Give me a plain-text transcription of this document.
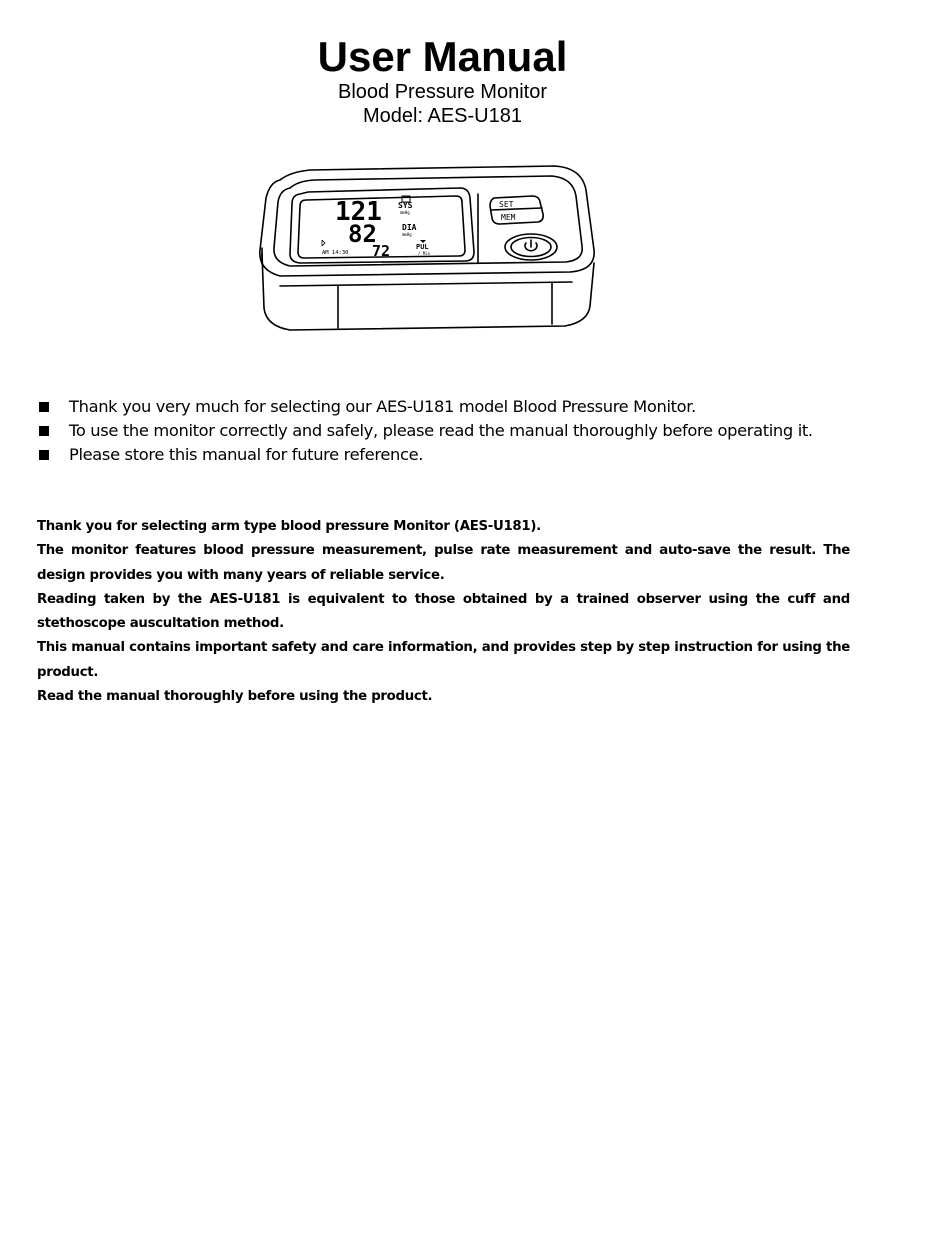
User Manual
Blood Pressure Monitor
Model: AES-U181
121 SYS
mmHg
82	DIA
mmHg
72	PUL
/ Min
AM 14:30
SET
MEM
Thank you very much for selecting our AES-U181 model Blood Pressure Monitor.
To use the monitor correctly and safely, please read the manual thoroughly before operating it.
Please store this manual for future reference.

Thank you for selecting arm type blood pressure Monitor (AES-U181).

The monitor features blood pressure measurement, pulse rate measurement and auto-save the result. The design provides you with many years of reliable service.

Reading taken by the AES-U181 is equivalent to those obtained by a trained observer using the cuff and stethoscope auscultation method.

This manual contains important safety and care information, and provides step by step instruction for using the product.

Read the manual thoroughly before using the product.
